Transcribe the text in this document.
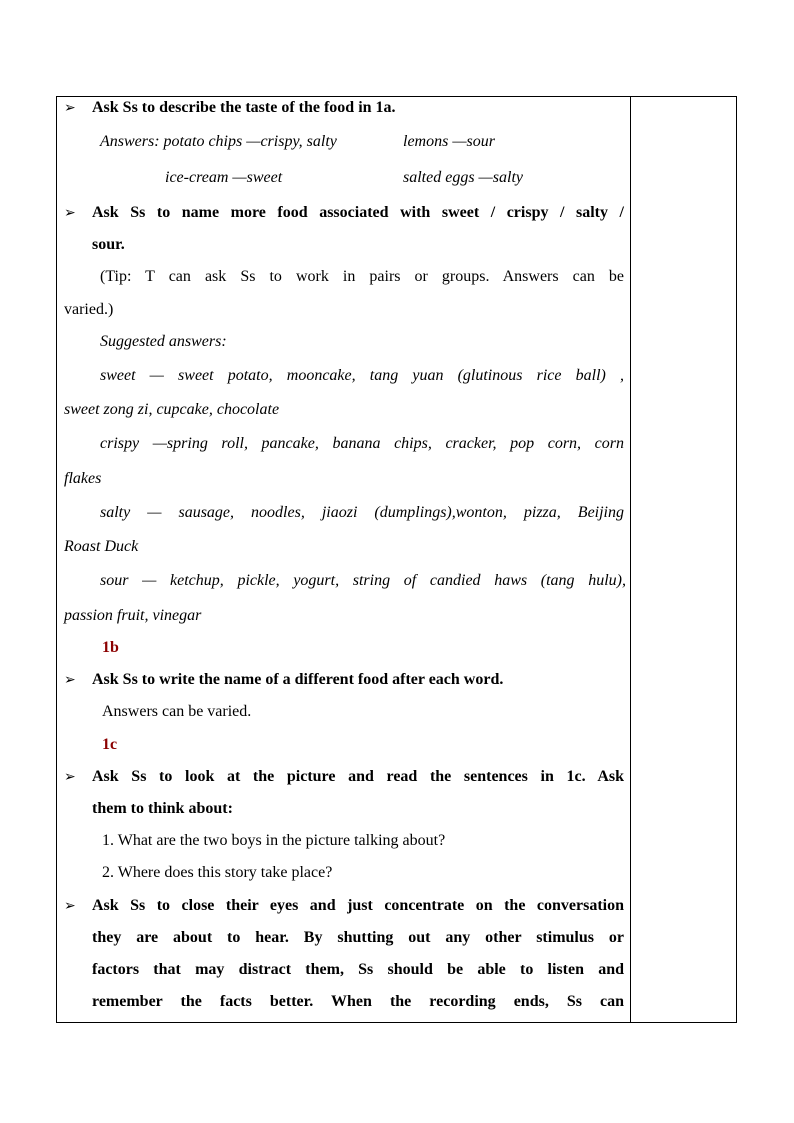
➢ Ask Ss to describe the taste of the food in 1a.
Answers: potato chips —crispy, salty	lemons —sour
ice-cream —sweet	salted eggs —salty
➢ Ask Ss to name more food associated with sweet / crispy / salty /
sour.
(Tip: T can ask Ss to work in pairs or groups. Answers can be
varied.)
Suggested answers:
sweet — sweet potato, mooncake, tang yuan (glutinous rice ball) ,
sweet zong zi, cupcake, chocolate
crispy —spring roll, pancake, banana chips, cracker, pop corn, corn
flakes
salty — sausage, noodles, jiaozi (dumplings),wonton, pizza, Beijing
Roast Duck
sour — ketchup, pickle, yogurt, string of candied haws (tang hulu),
passion fruit, vinegar
1b
➢ Ask Ss to write the name of a different food after each word.
Answers can be varied.
1c
➢ Ask Ss to look at the picture and read the sentences in 1c. Ask
them to think about:
1. What are the two boys in the picture talking about?
2. Where does this story take place?
➢ Ask Ss to close their eyes and just concentrate on the conversation
they are about to hear. By shutting out any other stimulus or
factors that may distract them, Ss should be able to listen and
remember the facts better. When the recording ends, Ss can
